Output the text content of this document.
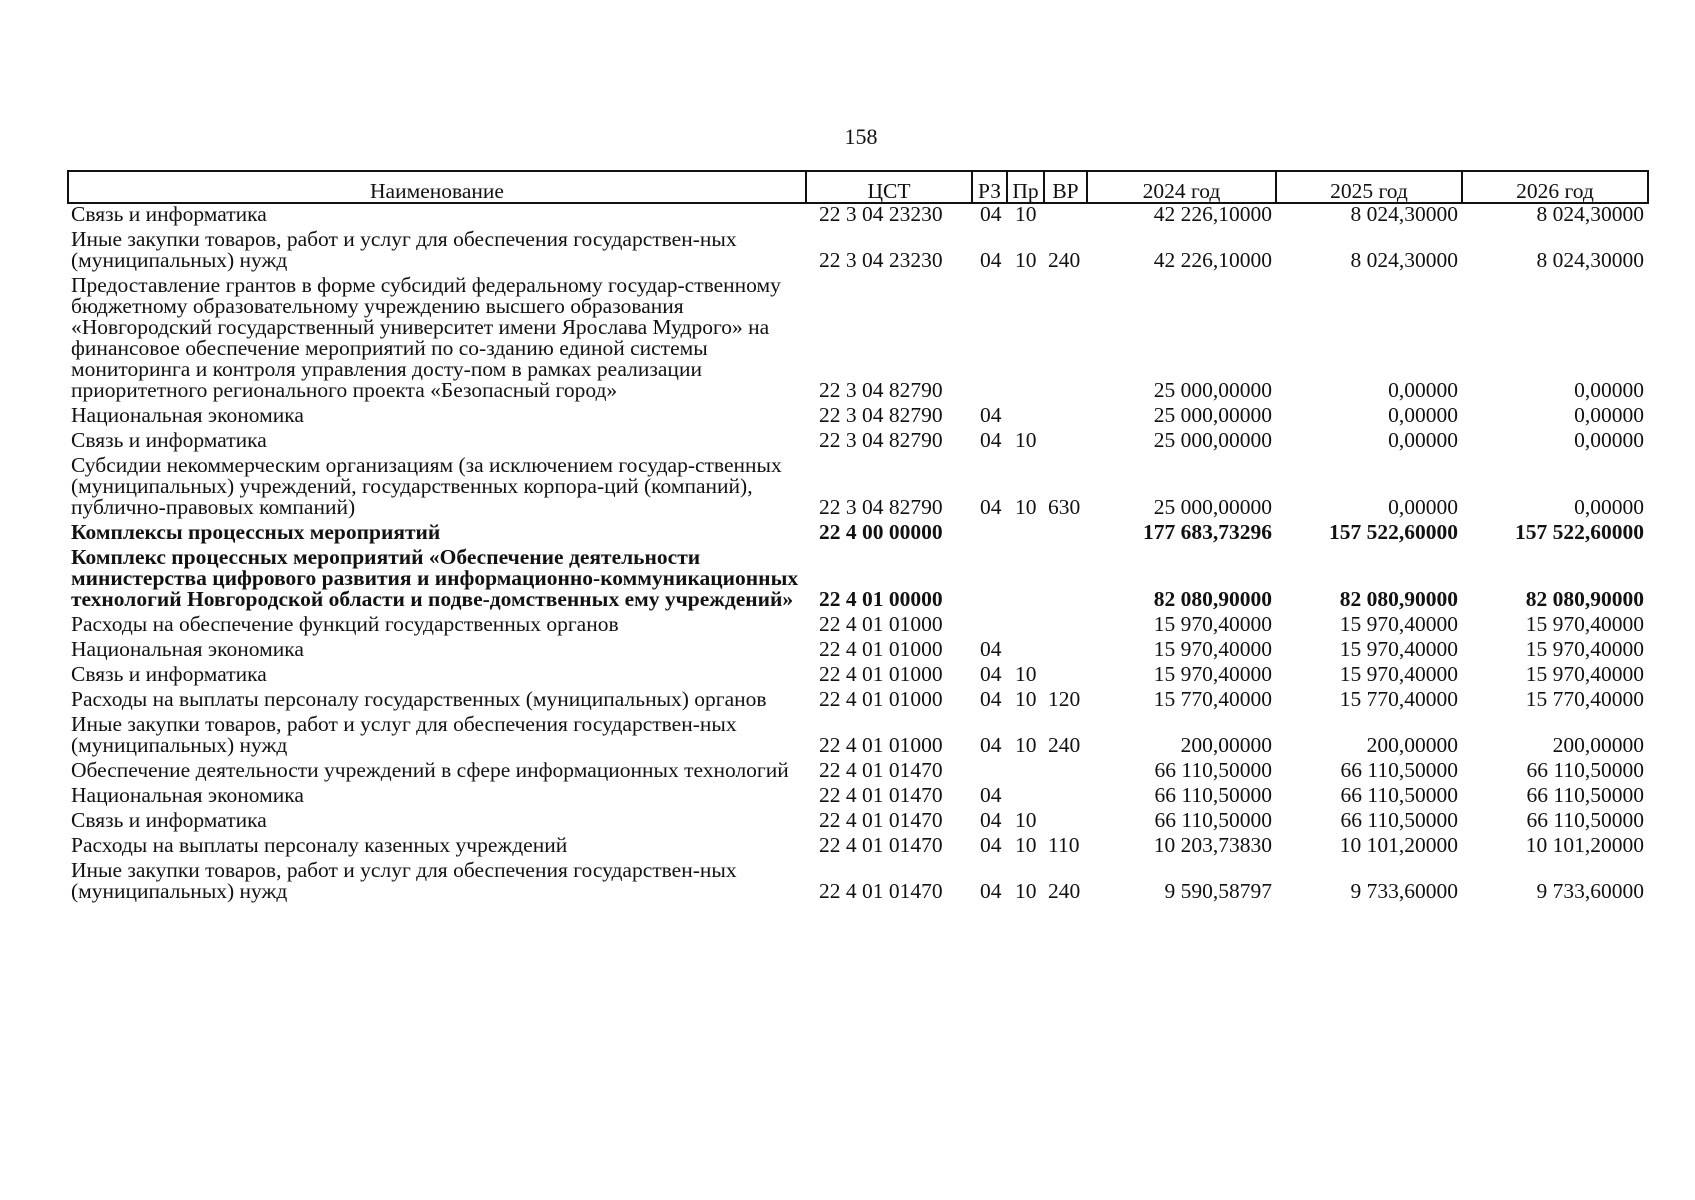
158
Наименование	ЦСТ	РЗ	Пр	ВР	2024 год	2025 год	2026 год
Связь и информатика	22 3 04 23230	04	10		42 226,10000	8 024,30000	8 024,30000
Иные закупки товаров, работ и услуг для обеспечения государствен-ных (муниципальных) нужд	22 3 04 23230	04	10	240	42 226,10000	8 024,30000	8 024,30000
Предоставление грантов в форме субсидий федеральному государ-ственному бюджетному образовательному учреждению высшего образования «Новгородский государственный университет имени Ярослава Мудрого» на финансовое обеспечение мероприятий по со-зданию единой системы мониторинга и контроля управления досту-пом в рамках реализации приоритетного регионального проекта «Безопасный город»	22 3 04 82790				25 000,00000	0,00000	0,00000
Национальная экономика	22 3 04 82790	04			25 000,00000	0,00000	0,00000
Связь и информатика	22 3 04 82790	04	10		25 000,00000	0,00000	0,00000
Субсидии некоммерческим организациям (за исключением государ-ственных (муниципальных) учреждений, государственных корпора-ций (компаний), публично-правовых компаний)	22 3 04 82790	04	10	630	25 000,00000	0,00000	0,00000
Комплексы процессных мероприятий	22 4 00 00000				177 683,73296	157 522,60000	157 522,60000
Комплекс процессных мероприятий «Обеспечение деятельности министерства цифрового развития и информационно-коммуникационных технологий Новгородской области и подве-домственных ему учреждений»	22 4 01 00000				82 080,90000	82 080,90000	82 080,90000
Расходы на обеспечение функций государственных органов	22 4 01 01000				15 970,40000	15 970,40000	15 970,40000
Национальная экономика	22 4 01 01000	04			15 970,40000	15 970,40000	15 970,40000
Связь и информатика	22 4 01 01000	04	10		15 970,40000	15 970,40000	15 970,40000
Расходы на выплаты персоналу государственных (муниципальных) органов	22 4 01 01000	04	10	120	15 770,40000	15 770,40000	15 770,40000
Иные закупки товаров, работ и услуг для обеспечения государствен-ных (муниципальных) нужд	22 4 01 01000	04	10	240	200,00000	200,00000	200,00000
Обеспечение деятельности учреждений в сфере информационных технологий	22 4 01 01470				66 110,50000	66 110,50000	66 110,50000
Национальная экономика	22 4 01 01470	04			66 110,50000	66 110,50000	66 110,50000
Связь и информатика	22 4 01 01470	04	10		66 110,50000	66 110,50000	66 110,50000
Расходы на выплаты персоналу казенных учреждений	22 4 01 01470	04	10	110	10 203,73830	10 101,20000	10 101,20000
Иные закупки товаров, работ и услуг для обеспечения государствен-ных (муниципальных) нужд	22 4 01 01470	04	10	240	9 590,58797	9 733,60000	9 733,60000
